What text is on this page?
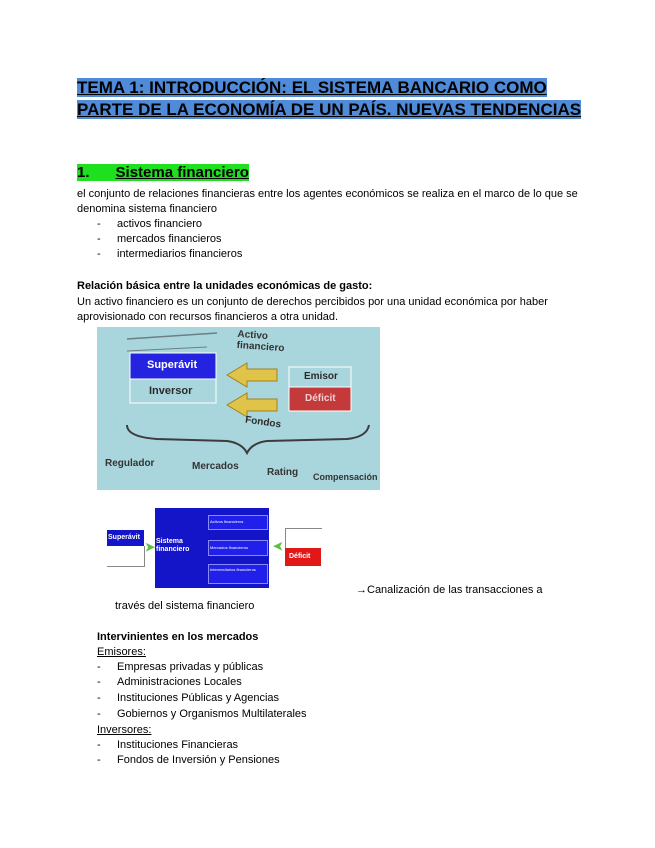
TEMA 1: INTRODUCCIÓN: EL SISTEMA BANCARIO COMO PARTE DE LA ECONOMÍA DE UN PAÍS. NUEVAS TENDENCIAS
1. Sistema financiero
el conjunto de relaciones financieras entre los agentes económicos se realiza en el marco de lo que se denomina sistema financiero
- activos financiero
- mercados financieros
- intermediarios financieros
Relación básica entre la unidades económicas de gasto:
Un activo financiero es un conjunto de derechos percibidos por una unidad económica por haber aprovisionado con recursos financieros a otra unidad.
Activo financiero
Superávit
Inversor
Emisor
Déficit
Fondos
Regulador	Mercados
Rating Compensación
Superávit
➤ Sistema financiero
Activos financieros
Mercados financieros
Intermediarios financieros
➤
Déficit
→Canalización de las transacciones a
través del sistema financiero
Intervinientes en los mercados
Emisores:
- Empresas privadas y públicas
- Administraciones Locales
- Instituciones Públicas y Agencias
- Gobiernos y Organismos Multilaterales
Inversores:
- Instituciones Financieras
- Fondos de Inversión y Pensiones
